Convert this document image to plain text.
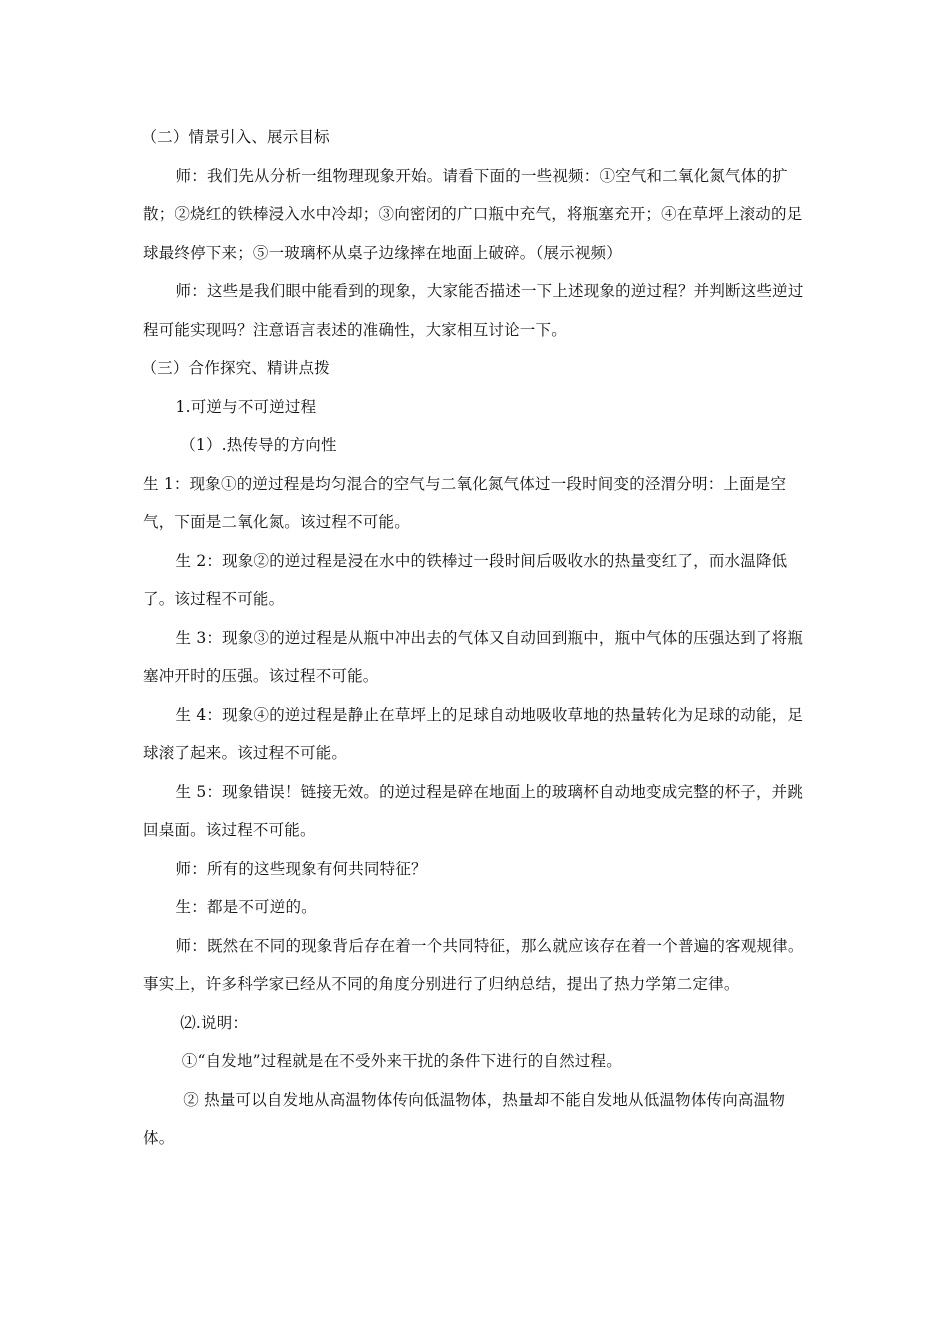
（二）情景引入、展示目标

师：我们先从分析一组物理现象开始。请看下面的一些视频：①空气和二氧化氮气体的扩散；②烧红的铁棒浸入水中冷却；③向密闭的广口瓶中充气，将瓶塞充开；④在草坪上滚动的足球最终停下来；⑤一玻璃杯从桌子边缘摔在地面上破碎。（展示视频）

师：这些是我们眼中能看到的现象，大家能否描述一下上述现象的逆过程？并判断这些逆过程可能实现吗？注意语言表述的准确性，大家相互讨论一下。

（三）合作探究、精讲点拨

1.可逆与不可逆过程

（1）.热传导的方向性

生 1：现象①的逆过程是均匀混合的空气与二氧化氮气体过一段时间变的泾渭分明：上面是空气，下面是二氧化氮。该过程不可能。

生 2：现象②的逆过程是浸在水中的铁棒过一段时间后吸收水的热量变红了，而水温降低了。该过程不可能。

生 3：现象③的逆过程是从瓶中冲出去的气体又自动回到瓶中，瓶中气体的压强达到了将瓶塞冲开时的压强。该过程不可能。

生 4：现象④的逆过程是静止在草坪上的足球自动地吸收草地的热量转化为足球的动能，足球滚了起来。该过程不可能。

生 5：现象错误！链接无效。的逆过程是碎在地面上的玻璃杯自动地变成完整的杯子，并跳回桌面。该过程不可能。

师：所有的这些现象有何共同特征？

生：都是不可逆的。

师：既然在不同的现象背后存在着一个共同特征，那么就应该存在着一个普遍的客观规律。事实上，许多科学家已经从不同的角度分别进行了归纳总结，提出了热力学第二定律。

⑵.说明：

①“自发地”过程就是在不受外来干扰的条件下进行的自然过程。

② 热量可以自发地从高温物体传向低温物体，热量却不能自发地从低温物体传向高温物体。
